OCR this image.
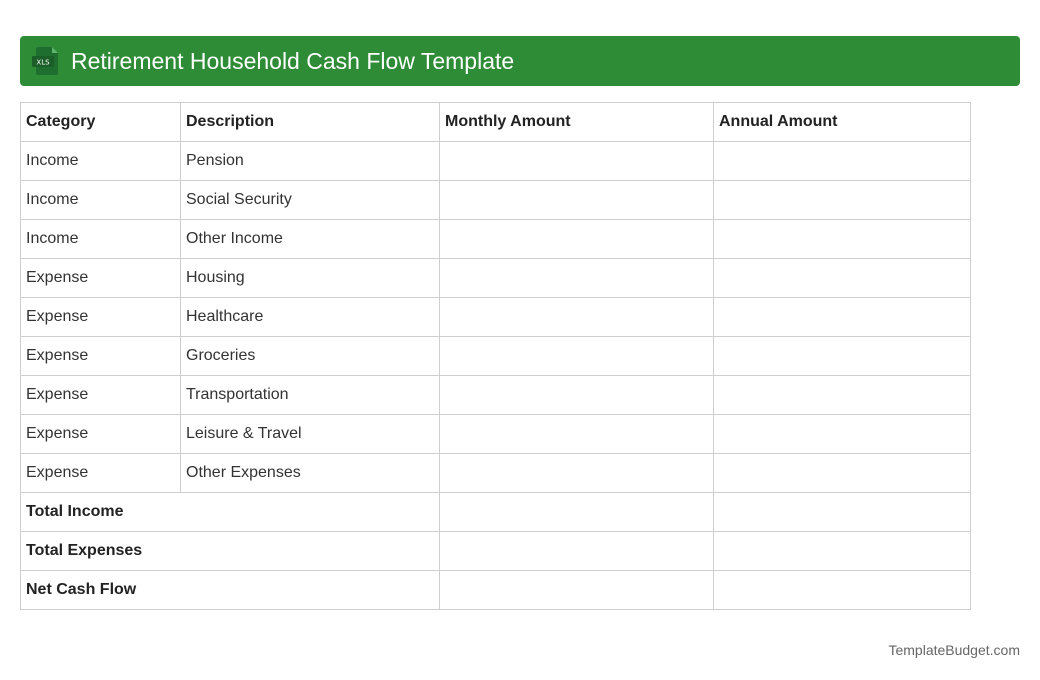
XLS Retirement Household Cash Flow Template
Category	Description	Monthly Amount	Annual Amount
Income	Pension		
Income	Social Security		
Income	Other Income		
Expense	Housing		
Expense	Healthcare		
Expense	Groceries		
Expense	Transportation		
Expense	Leisure & Travel		
Expense	Other Expenses		
Total Income			
Total Expenses			
Net Cash Flow			
TemplateBudget.com
